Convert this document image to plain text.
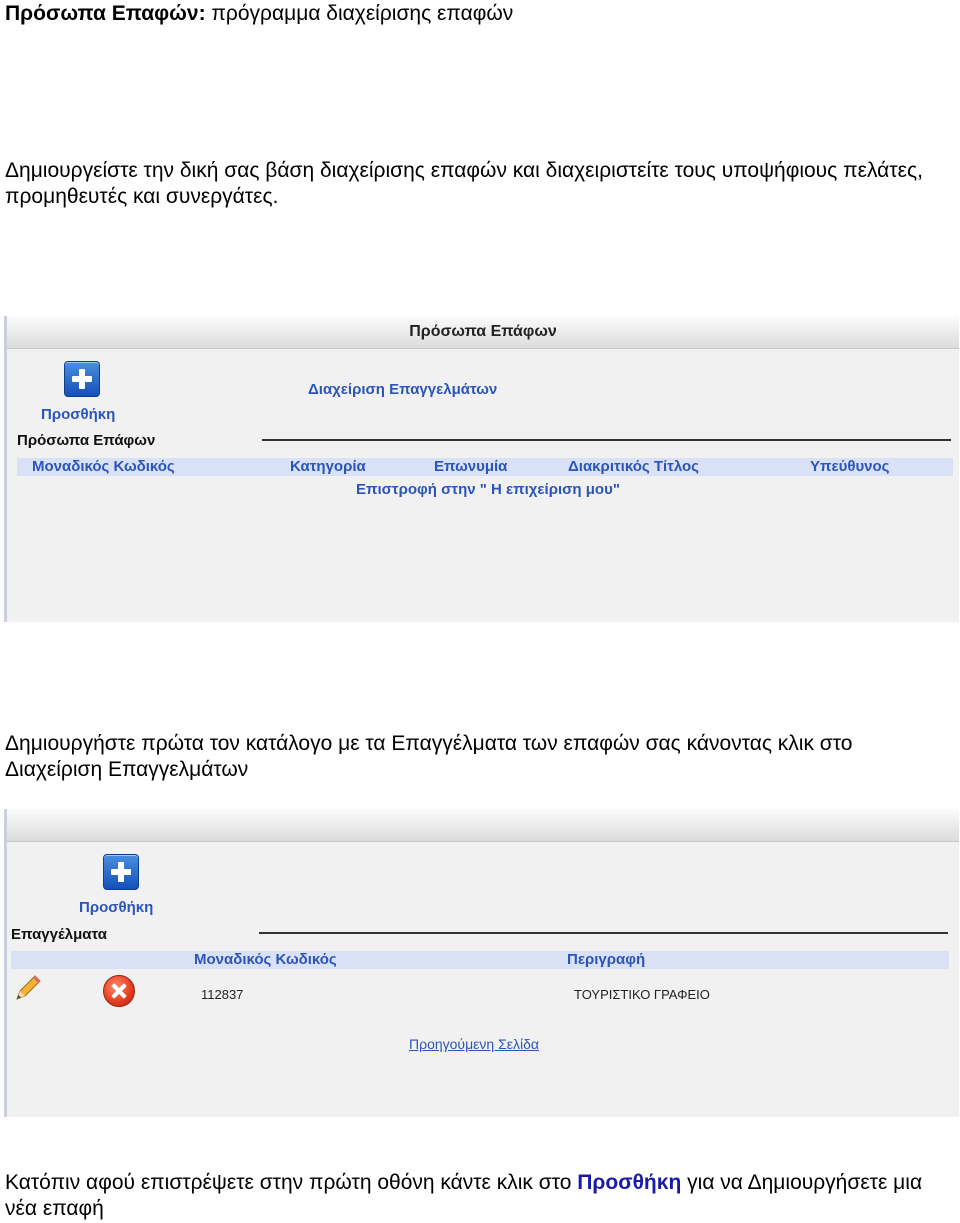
Πρόσωπα Επαφών: πρόγραμμα διαχείρισης επαφών
Δημιουργείστε την δική σας βάση διαχείρισης επαφών και διαχειριστείτε τους υποψήφιους πελάτες, προμηθευτές και συνεργάτες.
Πρόσωπα Επάφων
Προσθήκη
Διαχείριση Επαγγελμάτων
Πρόσωπα Επάφων
Μοναδικός Κωδικός	Κατηγορία	Επωνυμία	Διακριτικός Τίτλος	Υπεύθυνος
Επιστροφή στην " Η επιχείριση μου"
Δημιουργήστε πρώτα τον κατάλογο με τα Επαγγέλματα των επαφών σας κάνοντας κλικ στο Διαχείριση Επαγγελμάτων
Προσθήκη
Επαγγέλματα
Μοναδικός Κωδικός	Περιγραφή
112837	ΤΟΥΡΙΣΤΙΚΟ ΓΡΑΦΕΙΟ
Προηγούμενη Σελίδα
Κατόπιν αφού επιστρέψετε στην πρώτη οθόνη κάντε κλικ στο Προσθήκη για να Δημιουργήσετε μια νέα επαφή
